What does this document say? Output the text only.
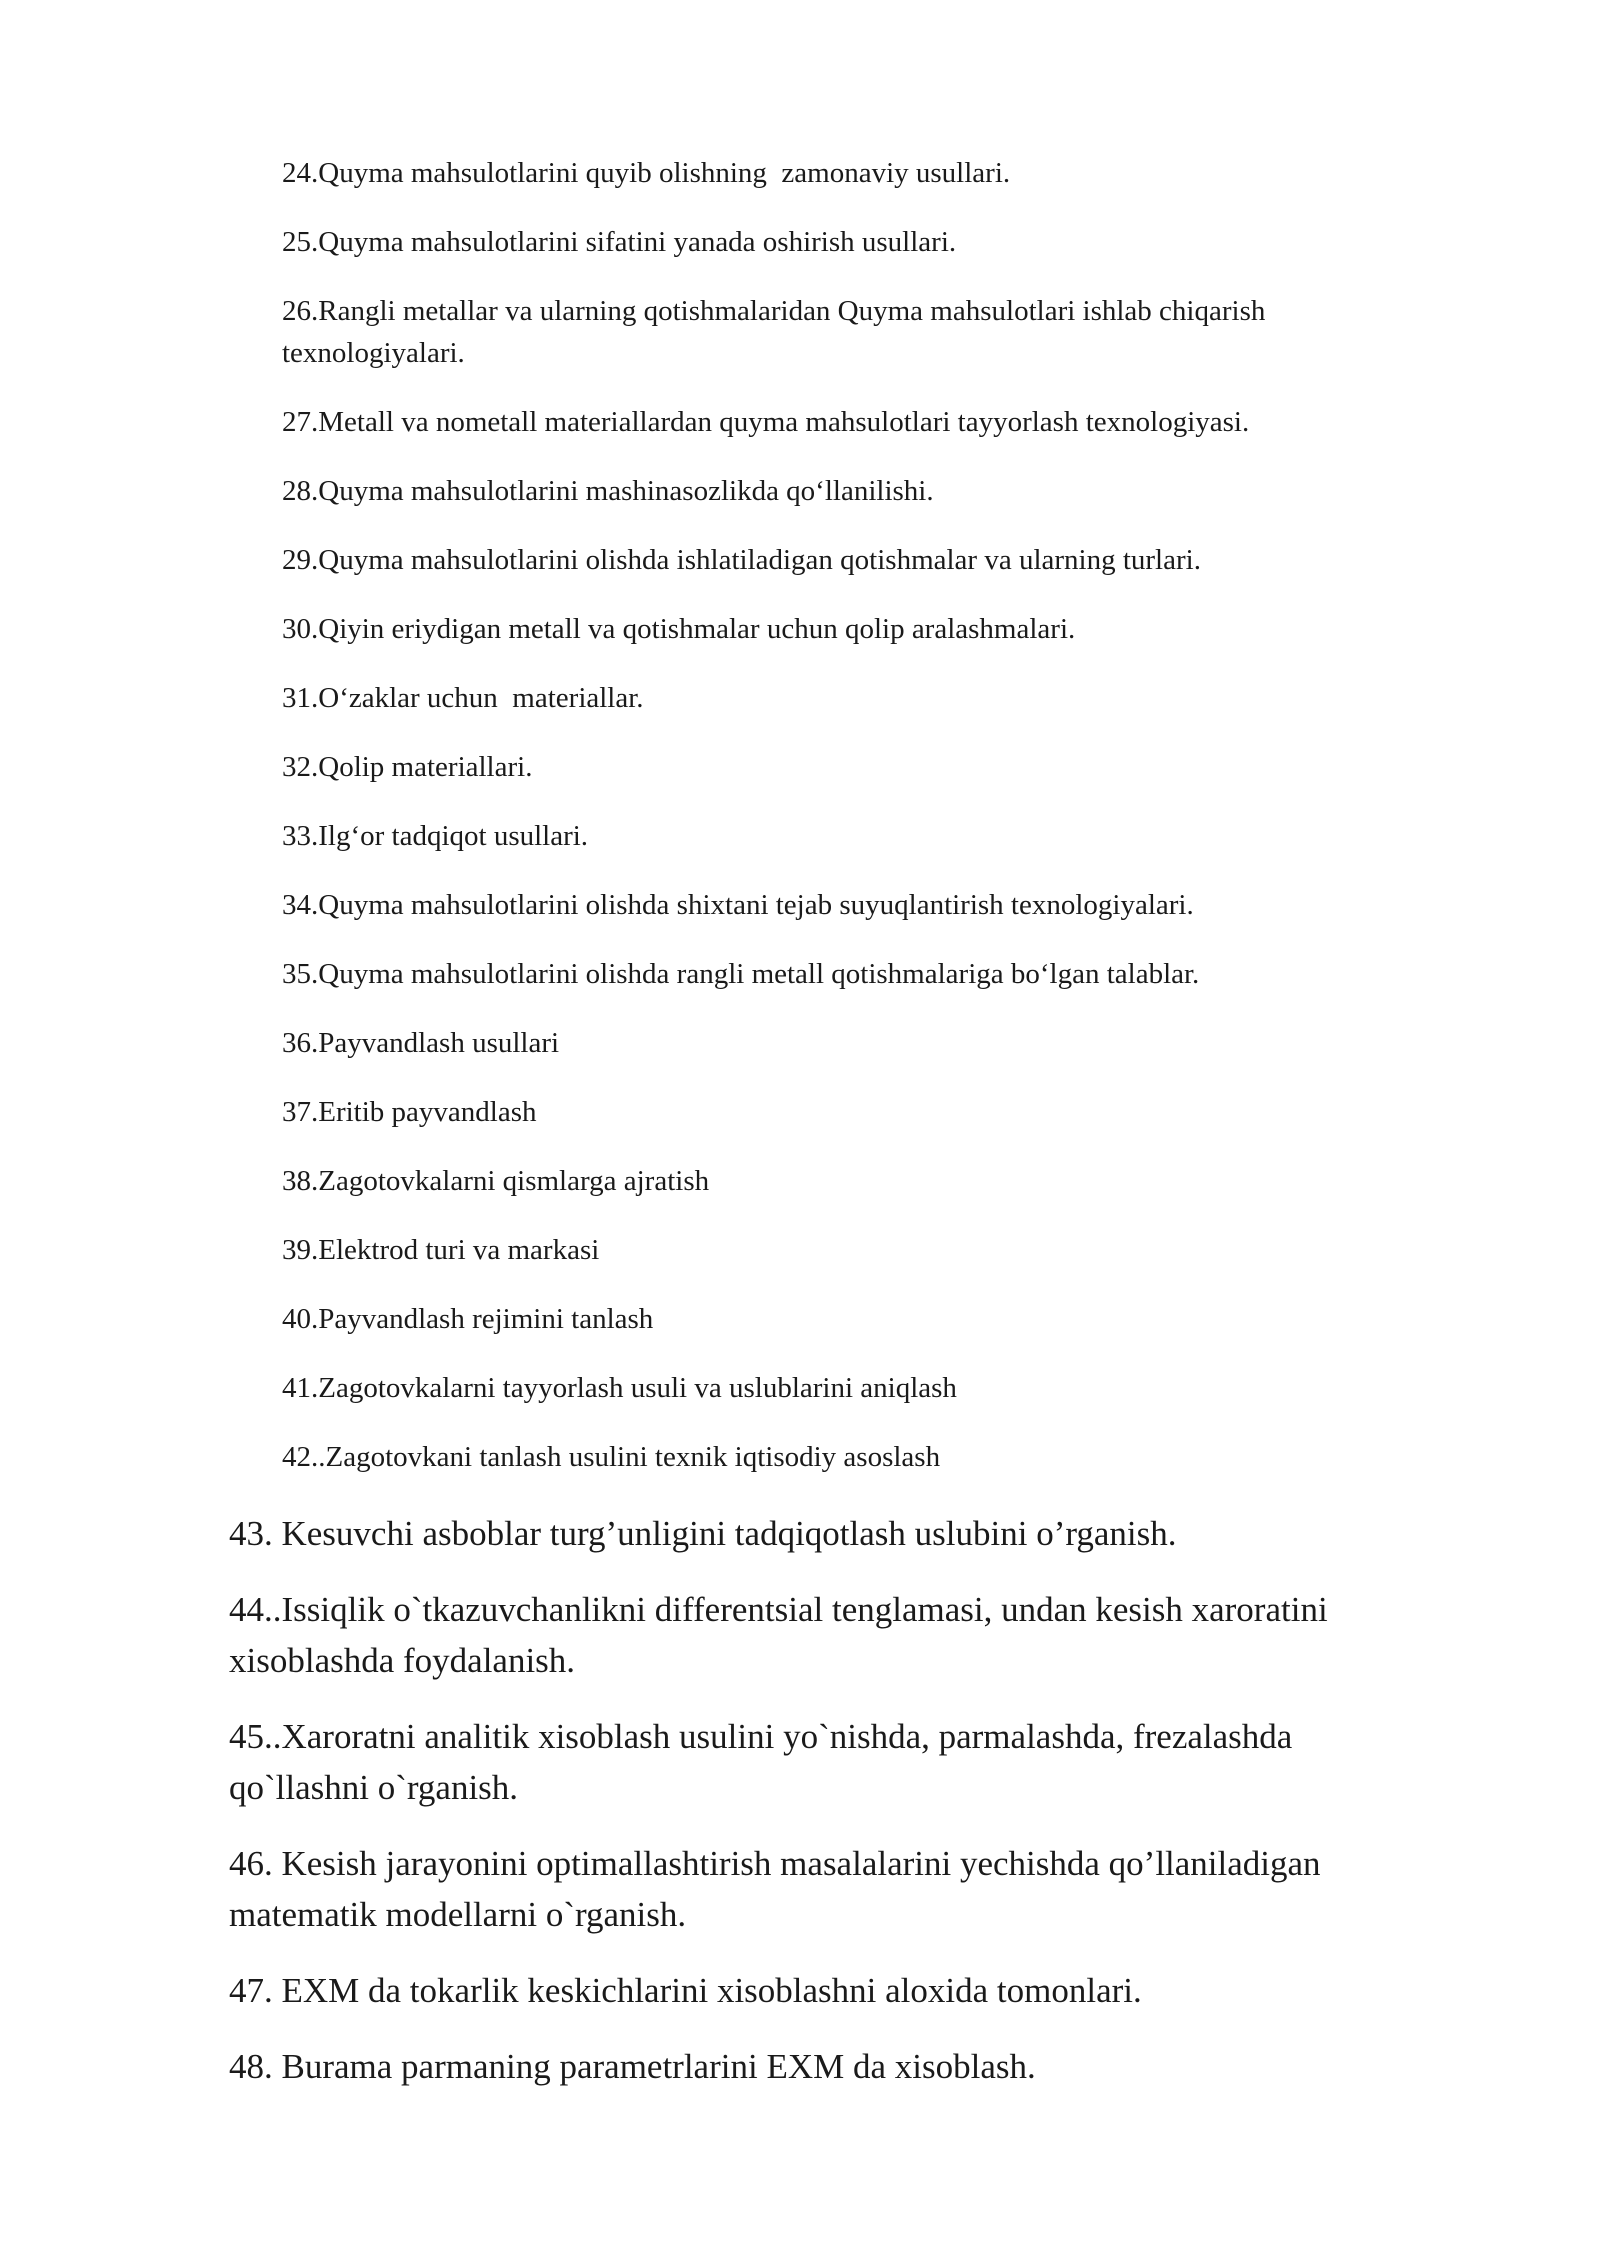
24.Quyma mahsulotlarini quyib olishning  zamonaviy usullari.

25.Quyma mahsulotlarini sifatini yanada oshirish usullari.

26.Rangli metallar va ularning qotishmalaridan Quyma mahsulotlari ishlab chiqarish texnologiyalari.

27.Metall va nometall materiallardan quyma mahsulotlari tayyorlash texnologiyasi.

28.Quyma mahsulotlarini mashinasozlikda qo‘llanilishi.

29.Quyma mahsulotlarini olishda ishlatiladigan qotishmalar va ularning turlari.

30.Qiyin eriydigan metall va qotishmalar uchun qolip aralashmalari.

31.O‘zaklar uchun  materiallar.

32.Qolip materiallari.

33.Ilg‘or tadqiqot usullari.

34.Quyma mahsulotlarini olishda shixtani tejab suyuqlantirish texnologiyalari.

35.Quyma mahsulotlarini olishda rangli metall qotishmalariga bo‘lgan talablar.

36.Payvandlash usullari

37.Eritib payvandlash

38.Zagotovkalarni qismlarga ajratish

39.Elektrod turi va markasi

40.Payvandlash rejimini tanlash

41.Zagotovkalarni tayyorlash usuli va uslublarini aniqlash

42..Zagotovkani tanlash usulini texnik iqtisodiy asoslash

43. Kesuvchi asboblar turg’unligini tadqiqotlash uslubini o’rganish.

44..Issiqlik o`tkazuvchanlikni differentsial tenglamasi, undan kesish xaroratini xisoblashda foydalanish.

45..Xaroratni analitik xisoblash usulini yo`nishda, parmalashda, frezalashda qo`llashni o`rganish.

46. Kesish jarayonini optimallashtirish masalalarini yechishda qo’llaniladigan matematik modellarni o`rganish.

47. EXM da tokarlik keskichlarini xisoblashni aloxida tomonlari.

48. Burama parmaning parametrlarini EXM da xisoblash.
